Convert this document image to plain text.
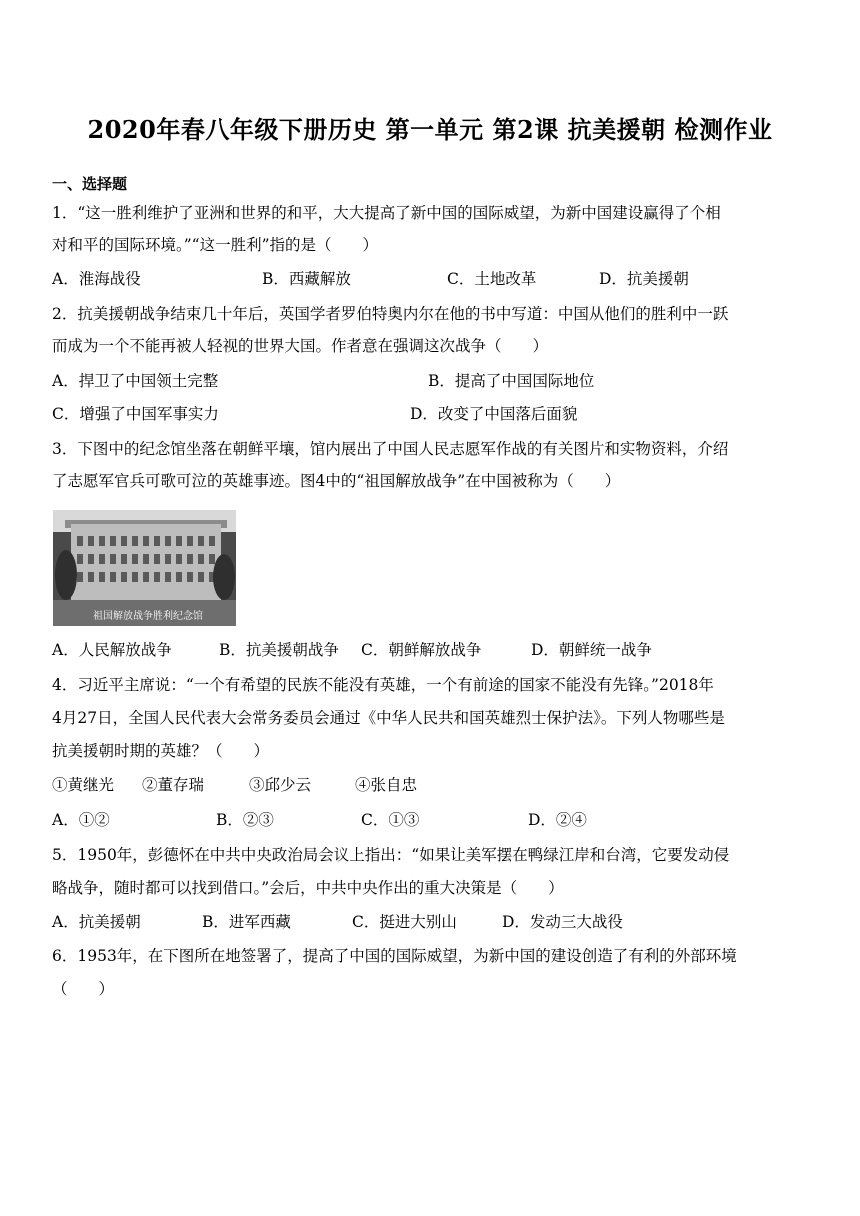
2020年春八年级下册历史 第一单元 第2课 抗美援朝 检测作业
一、选择题
1．“这一胜利维护了亚洲和世界的和平，大大提高了新中国的国际威望，为新中国建设赢得了个相
对和平的国际环境。”“这一胜利”指的是（　　）
A．淮海战役	B．西藏解放	C．土地改革	D．抗美援朝
2．抗美援朝战争结束几十年后，英国学者罗伯特奥内尔在他的书中写道：中国从他们的胜利中一跃
而成为一个不能再被人轻视的世界大国。作者意在强调这次战争（　　）
A．捍卫了中国领土完整	B．提高了中国国际地位
C．增强了中国军事实力	D．改变了中国落后面貌
3．下图中的纪念馆坐落在朝鲜平壤，馆内展出了中国人民志愿军作战的有关图片和实物资料，介绍
了志愿军官兵可歌可泣的英雄事迹。图4中的“祖国解放战争”在中国被称为（　　）
祖国解放战争胜利纪念馆
A．人民解放战争	B．抗美援朝战争 C．朝鲜解放战争	D．朝鲜统一战争
4．习近平主席说：“一个有希望的民族不能没有英雄，一个有前途的国家不能没有先锋。”2018年
4月27日，全国人民代表大会常务委员会通过《中华人民共和国英雄烈士保护法》。下列人物哪些是
抗美援朝时期的英雄？（　　）
①黄继光 ②董存瑞	③邱少云	④张自忠
A．①②	B．②③	C．①③	D．②④
5．1950年，彭德怀在中共中央政治局会议上指出：“如果让美军摆在鸭绿江岸和台湾，它要发动侵
略战争，随时都可以找到借口。”会后，中共中央作出的重大决策是（　　）
A．抗美援朝	B．进军西藏	C．挺进大别山	D．发动三大战役
6．1953年，在下图所在地签署了，提高了中国的国际威望，为新中国的建设创造了有利的外部环境
（　　）
